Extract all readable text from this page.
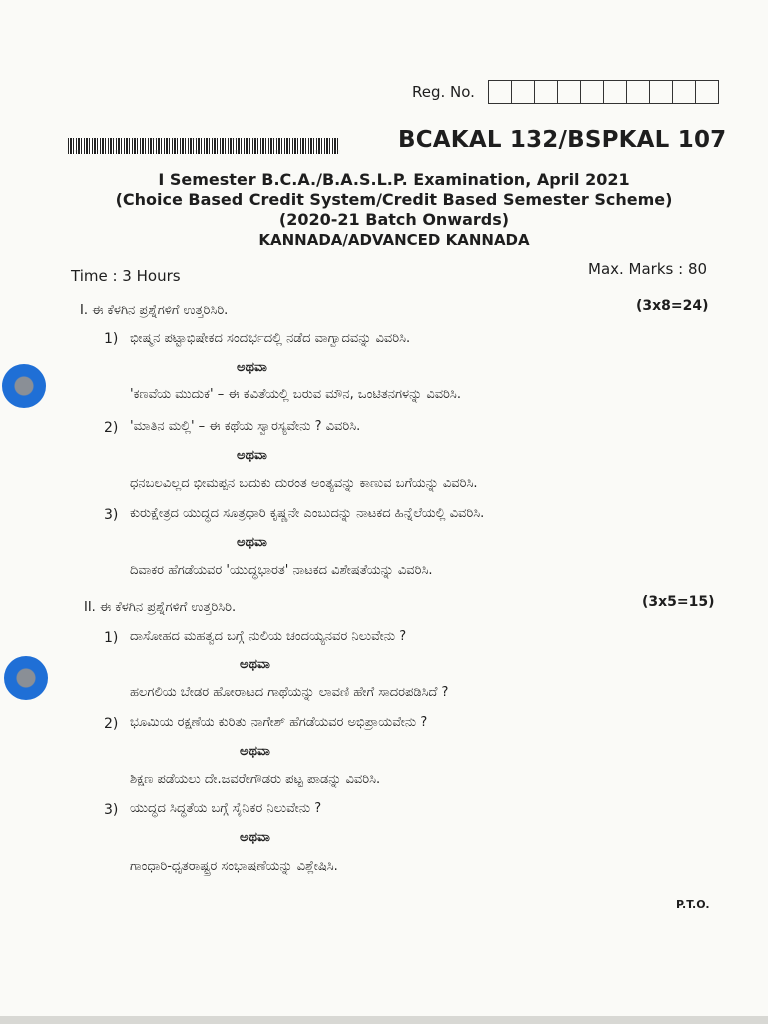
Reg. No.
BCAKAL 132/BSPKAL 107
I Semester B.C.A./B.A.S.L.P. Examination, April 2021
(Choice Based Credit System/Credit Based Semester Scheme)
(2020-21 Batch Onwards)
KANNADA/ADVANCED KANNADA
Time : 3 Hours	Max. Marks : 80
I. ಈ ಕೆಳಗಿನ ಪ್ರಶ್ನೆಗಳಿಗೆ ಉತ್ತರಿಸಿರಿ.	(3x8=24)
1) ಭೀಷ್ಮನ ಪಟ್ಟಾಭಿಷೇಕದ ಸಂದರ್ಭದಲ್ಲಿ ನಡೆದ ವಾಗ್ವಾದವನ್ನು ವಿವರಿಸಿ.
ಅಥವಾ
'ಕಣವೆಯ ಮುದುಕ' – ಈ ಕವಿತೆಯಲ್ಲಿ ಬರುವ ಮೌನ, ಒಂಟಿತನಗಳನ್ನು ವಿವರಿಸಿ.
2) 'ಮಾತಿನ ಮಲ್ಲಿ' – ಈ ಕಥೆಯ ಸ್ವಾರಸ್ಯವೇನು ? ವಿವರಿಸಿ.
ಅಥವಾ
ಧನಬಲವಿಲ್ಲದ ಭೀಮಪ್ಪನ ಬದುಕು ದುರಂತ ಅಂತ್ಯವನ್ನು ಕಾಣುವ ಬಗೆಯನ್ನು ವಿವರಿಸಿ.
3) ಕುರುಕ್ಷೇತ್ರದ ಯುದ್ಧದ ಸೂತ್ರಧಾರಿ ಕೃಷ್ಣನೇ ಎಂಬುದನ್ನು ನಾಟಕದ ಹಿನ್ನೆಲೆಯಲ್ಲಿ ವಿವರಿಸಿ.
ಅಥವಾ
ದಿವಾಕರ ಹೆಗಡೆಯವರ 'ಯುದ್ಧಭಾರತ' ನಾಟಕದ ವಿಶೇಷತೆಯನ್ನು ವಿವರಿಸಿ.
II. ಈ ಕೆಳಗಿನ ಪ್ರಶ್ನೆಗಳಿಗೆ ಉತ್ತರಿಸಿರಿ.	(3x5=15)
1) ದಾಸೋಹದ ಮಹತ್ವದ ಬಗ್ಗೆ ನುಲಿಯ ಚಂದಯ್ಯನವರ ನಿಲುವೇನು ?
ಅಥವಾ
ಹಲಗಲಿಯ ಬೇಡರ ಹೋರಾಟದ ಗಾಥೆಯನ್ನು ಲಾವಣಿ ಹೇಗೆ ಸಾದರಪಡಿಸಿದೆ ?
2) ಭೂಮಿಯ ರಕ್ಷಣೆಯ ಕುರಿತು ನಾಗೇಶ್ ಹೆಗಡೆಯವರ ಅಭಿಪ್ರಾಯವೇನು ?
ಅಥವಾ
ಶಿಕ್ಷಣ ಪಡೆಯಲು ದೇ.ಜವರೇಗೌಡರು ಪಟ್ಟ ಪಾಡನ್ನು ವಿವರಿಸಿ.
3) ಯುದ್ಧದ ಸಿದ್ಧತೆಯ ಬಗ್ಗೆ ಸೈನಿಕರ ನಿಲುವೇನು ?
ಅಥವಾ
ಗಾಂಧಾರಿ-ಧೃತರಾಷ್ಟ್ರರ ಸಂಭಾಷಣೆಯನ್ನು ವಿಶ್ಲೇಷಿಸಿ.
P.T.O.
